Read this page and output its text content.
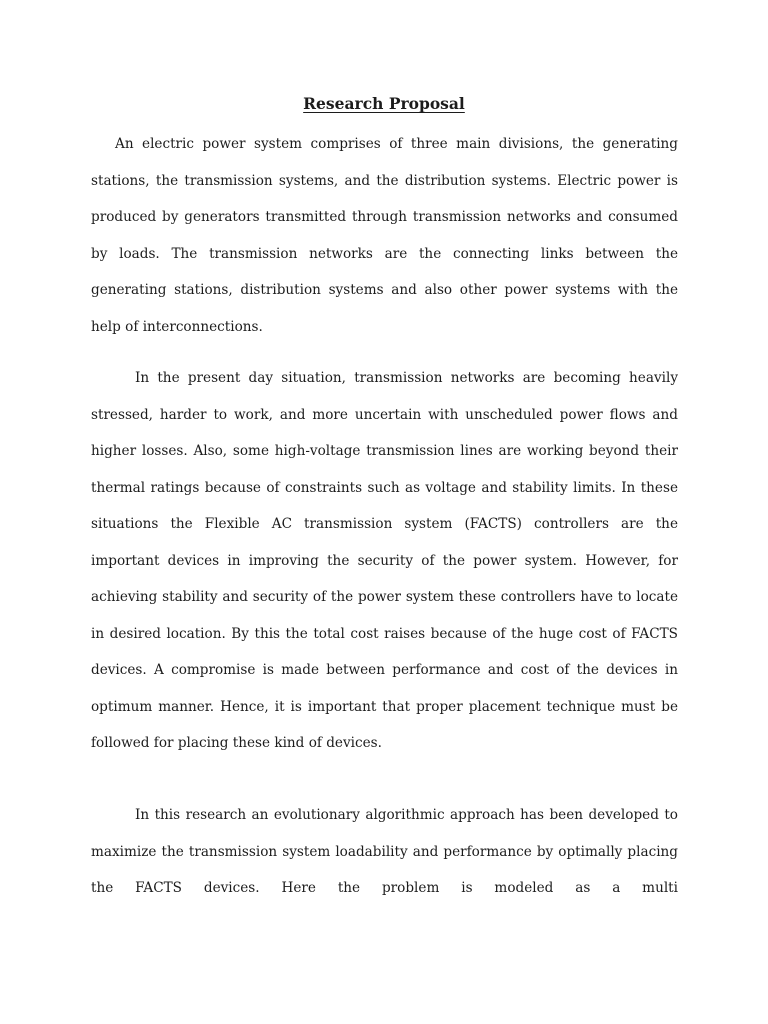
Research Proposal

An electric power system comprises of three main divisions, the generating stations, the transmission systems, and the distribution systems. Electric power is produced by generators transmitted through transmission networks and consumed by loads. The transmission networks are the connecting links between the generating stations, distribution systems and also other power systems with the help of interconnections.

In the present day situation, transmission networks are becoming heavily stressed, harder to work, and more uncertain with unscheduled power flows and higher losses. Also, some high-voltage transmission lines are working beyond their thermal ratings because of constraints such as voltage and stability limits. In these situations the Flexible AC transmission system (FACTS) controllers are the important devices in improving the security of the power system. However, for achieving stability and security of the power system these controllers have to locate in desired location. By this the total cost raises because of the huge cost of FACTS devices. A compromise is made between performance and cost of the devices in optimum manner. Hence, it is important that proper placement technique must be followed for placing these kind of devices.

In this research an evolutionary algorithmic approach has been developed to maximize the transmission system loadability and performance by optimally placing the FACTS devices. Here the problem is modeled as a multi
